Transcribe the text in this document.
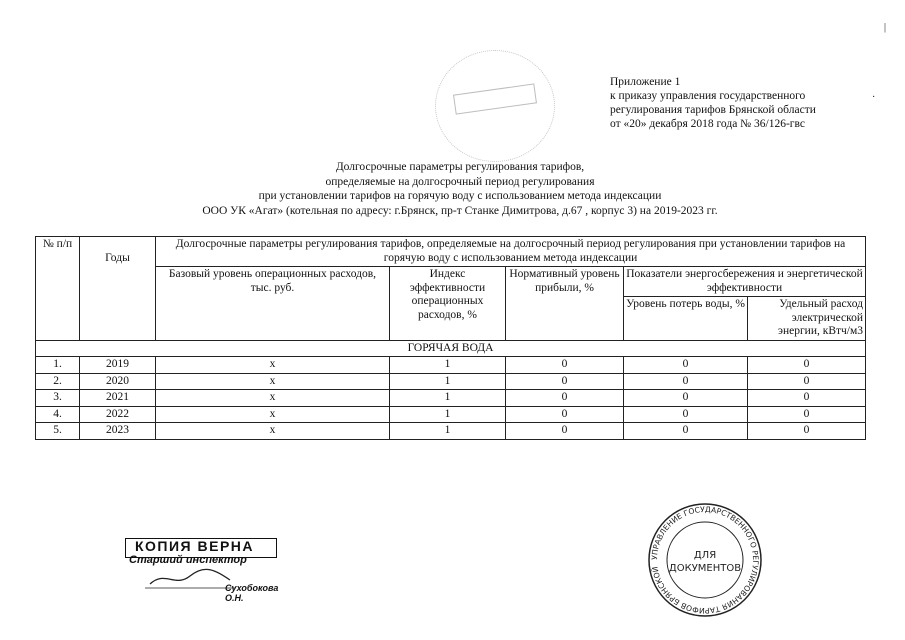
Приложение 1
к приказу управления государственного
регулирования тарифов Брянской области
от «20» декабря 2018 года № 36/126-гвс
Долгосрочные параметры регулирования тарифов,
определяемые на долгосрочный период регулирования
при установлении тарифов на горячую воду с использованием метода индексации
ООО УК «Агат» (котельная по адресу: г.Брянск, пр-т Станке Димитрова, д.67 , корпус 3) на 2019-2023 гг.
№ п/п	Годы	Долгосрочные параметры регулирования тарифов, определяемые на долгосрочный период регулирования при установлении тарифов на горячую воду с использованием метода индексации				
		Базовый уровень операционных расходов, тыс. руб.	Индекс эффективности операционных расходов, %	Нормативный уровень прибыли, %	Показатели энергосбережения и энергетической эффективности	
					Уровень потерь воды, %	Удельный расход электрической энергии, кВтч/м3
ГОРЯЧАЯ ВОДА						
1.	2019	x	1	0	0	0
2.	2020	x	1	0	0	0
3.	2021	x	1	0	0	0
4.	2022	x	1	0	0	0
5.	2023	x	1	0	0	0
КОПИЯ ВЕРНА
Старший инспектор
Сухобокова О.Н.
УПРАВЛЕНИЕ ГОСУДАРСТВЕННОГО РЕГУЛИРОВАНИЯ ТАРИФОВ БРЯНСКОЙ
ДЛЯ
ДОКУМЕНТОВ
·
|
